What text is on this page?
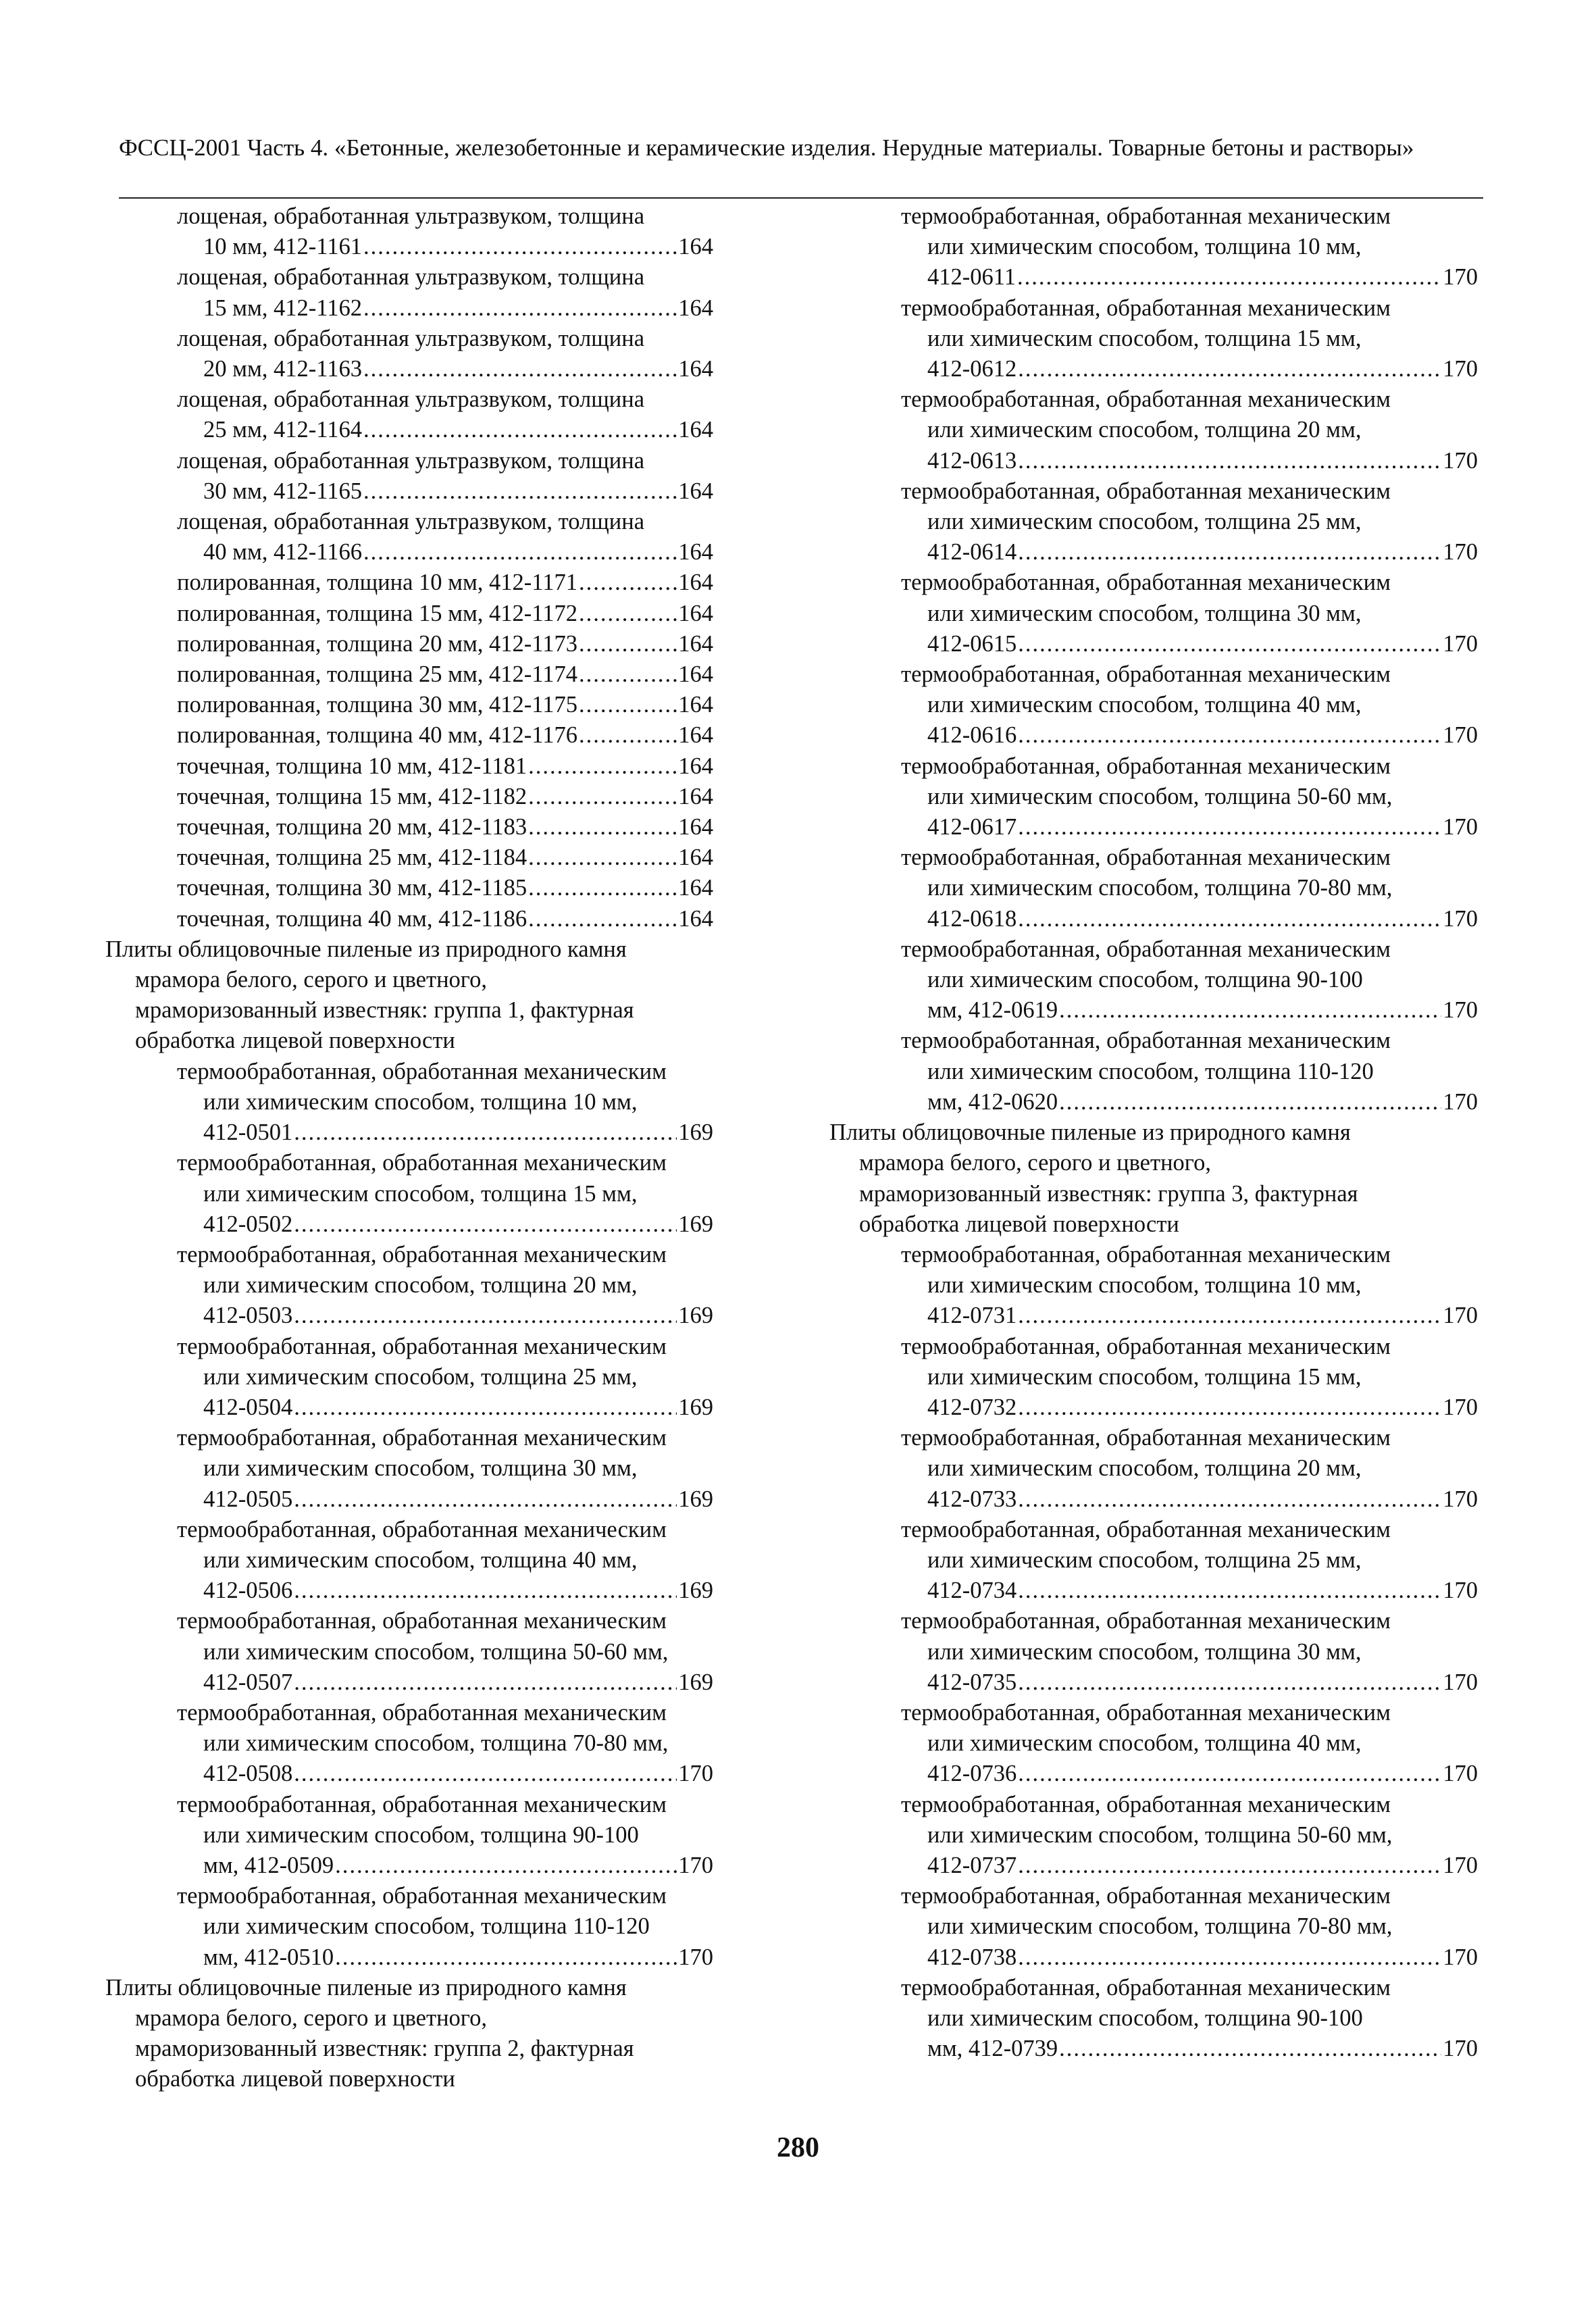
ФССЦ-2001 Часть 4. «Бетонные, железобетонные и керамические изделия. Нерудные материалы. Товарные бетоны и растворы»
лощеная, обработанная ультразвуком, толщина
10 мм, 412-1161 .....	164
лощеная, обработанная ультразвуком, толщина
15 мм, 412-1162 .....	164
лощеная, обработанная ультразвуком, толщина
20 мм, 412-1163 .....	164
лощеная, обработанная ультразвуком, толщина
25 мм, 412-1164 .....	164
лощеная, обработанная ультразвуком, толщина
30 мм, 412-1165 .....	164
лощеная, обработанная ультразвуком, толщина
40 мм, 412-1166 .....	164
полированная, толщина 10 мм, 412-1171 .....	164
полированная, толщина 15 мм, 412-1172 .....	164
полированная, толщина 20 мм, 412-1173 .....	164
полированная, толщина 25 мм, 412-1174 .....	164
полированная, толщина 30 мм, 412-1175 .....	164
полированная, толщина 40 мм, 412-1176 .....	164
точечная, толщина 10 мм, 412-1181 .....	164
точечная, толщина 15 мм, 412-1182 .....	164
точечная, толщина 20 мм, 412-1183 .....	164
точечная, толщина 25 мм, 412-1184 .....	164
точечная, толщина 30 мм, 412-1185 .....	164
точечная, толщина 40 мм, 412-1186 .....	164
Плиты облицовочные пиленые из природного камня
мрамора белого, серого и цветного,
мраморизованный известняк: группа 1, фактурная
обработка лицевой поверхности
термообработанная, обработанная механическим
или химическим способом, толщина 10 мм,
412-0501 .....	169
термообработанная, обработанная механическим
или химическим способом, толщина 15 мм,
412-0502 .....	169
термообработанная, обработанная механическим
или химическим способом, толщина 20 мм,
412-0503 .....	169
термообработанная, обработанная механическим
или химическим способом, толщина 25 мм,
412-0504 .....	169
термообработанная, обработанная механическим
или химическим способом, толщина 30 мм,
412-0505 .....	169
термообработанная, обработанная механическим
или химическим способом, толщина 40 мм,
412-0506 .....	169
термообработанная, обработанная механическим
или химическим способом, толщина 50-60 мм,
412-0507 .....	169
термообработанная, обработанная механическим
или химическим способом, толщина 70-80 мм,
412-0508 .....	170
термообработанная, обработанная механическим
или химическим способом, толщина 90-100
мм, 412-0509 .....	170
термообработанная, обработанная механическим
или химическим способом, толщина 110-120
мм, 412-0510 .....	170
Плиты облицовочные пиленые из природного камня
мрамора белого, серого и цветного,
мраморизованный известняк: группа 2, фактурная
обработка лицевой поверхности
термообработанная, обработанная механическим
или химическим способом, толщина 10 мм,
412-0611 .....	170
термообработанная, обработанная механическим
или химическим способом, толщина 15 мм,
412-0612 .....	170
термообработанная, обработанная механическим
или химическим способом, толщина 20 мм,
412-0613 .....	170
термообработанная, обработанная механическим
или химическим способом, толщина 25 мм,
412-0614 .....	170
термообработанная, обработанная механическим
или химическим способом, толщина 30 мм,
412-0615 .....	170
термообработанная, обработанная механическим
или химическим способом, толщина 40 мм,
412-0616 .....	170
термообработанная, обработанная механическим
или химическим способом, толщина 50-60 мм,
412-0617 .....	170
термообработанная, обработанная механическим
или химическим способом, толщина 70-80 мм,
412-0618 .....	170
термообработанная, обработанная механическим
или химическим способом, толщина 90-100
мм, 412-0619 .....	170
термообработанная, обработанная механическим
или химическим способом, толщина 110-120
мм, 412-0620 .....	170
Плиты облицовочные пиленые из природного камня
мрамора белого, серого и цветного,
мраморизованный известняк: группа 3, фактурная
обработка лицевой поверхности
термообработанная, обработанная механическим
или химическим способом, толщина 10 мм,
412-0731 .....	170
термообработанная, обработанная механическим
или химическим способом, толщина 15 мм,
412-0732 .....	170
термообработанная, обработанная механическим
или химическим способом, толщина 20 мм,
412-0733 .....	170
термообработанная, обработанная механическим
или химическим способом, толщина 25 мм,
412-0734 .....	170
термообработанная, обработанная механическим
или химическим способом, толщина 30 мм,
412-0735 .....	170
термообработанная, обработанная механическим
или химическим способом, толщина 40 мм,
412-0736 .....	170
термообработанная, обработанная механическим
или химическим способом, толщина 50-60 мм,
412-0737 .....	170
термообработанная, обработанная механическим
или химическим способом, толщина 70-80 мм,
412-0738 .....	170
термообработанная, обработанная механическим
или химическим способом, толщина 90-100
мм, 412-0739 .....	170
280
